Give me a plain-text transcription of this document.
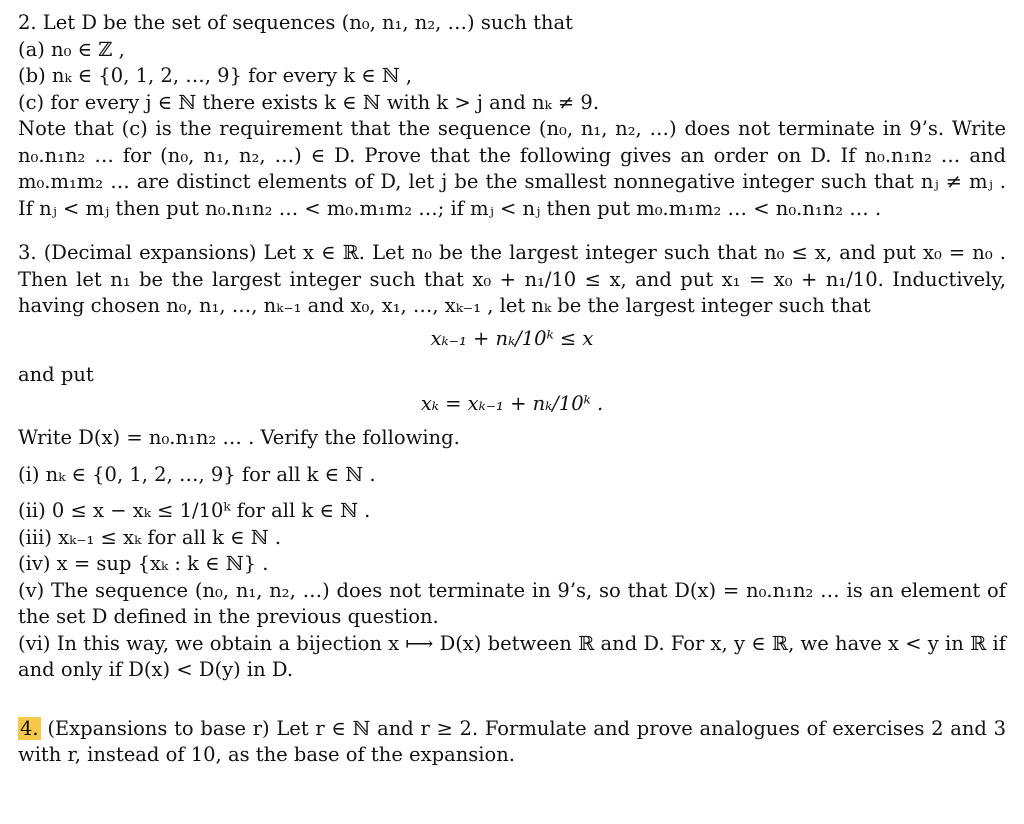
2. Let D be the set of sequences (n₀, n₁, n₂, …) such that
(a) n₀ ∈ ℤ ,
(b) nₖ ∈ {0, 1, 2, …, 9} for every k ∈ ℕ ,
(c) for every j ∈ ℕ there exists k ∈ ℕ with k > j and nₖ ≠ 9.
Note that (c) is the requirement that the sequence (n₀, n₁, n₂, …) does not terminate in 9’s. Write n₀.n₁n₂ … for (n₀, n₁, n₂, …) ∈ D. Prove that the following gives an order on D. If n₀.n₁n₂ … and m₀.m₁m₂ … are distinct elements of D, let j be the smallest nonnegative integer such that nⱼ ≠ mⱼ . If nⱼ < mⱼ then put n₀.n₁n₂ … < m₀.m₁m₂ …; if mⱼ < nⱼ then put m₀.m₁m₂ … < n₀.n₁n₂ … .
3. (Decimal expansions) Let x ∈ ℝ. Let n₀ be the largest integer such that n₀ ≤ x, and put x₀ = n₀ . Then let n₁ be the largest integer such that x₀ + n₁/10 ≤ x, and put x₁ = x₀ + n₁/10. Inductively, having chosen n₀, n₁, …, nₖ₋₁ and x₀, x₁, …, xₖ₋₁ , let nₖ be the largest integer such that
xₖ₋₁ + nₖ/10ᵏ ≤ x
and put
xₖ = xₖ₋₁ + nₖ/10ᵏ .
Write D(x) = n₀.n₁n₂ … . Verify the following.
(i) nₖ ∈ {0, 1, 2, …, 9} for all k ∈ ℕ .
(ii) 0 ≤ x − xₖ ≤ 1/10ᵏ for all k ∈ ℕ .
(iii) xₖ₋₁ ≤ xₖ for all k ∈ ℕ .
(iv) x = sup {xₖ : k ∈ ℕ} .
(v) The sequence (n₀, n₁, n₂, …) does not terminate in 9’s, so that D(x) = n₀.n₁n₂ … is an element of the set D defined in the previous question.
(vi) In this way, we obtain a bijection x ⟼ D(x) between ℝ and D. For x, y ∈ ℝ, we have x < y in ℝ if and only if D(x) < D(y) in D.
4. (Expansions to base r) Let r ∈ ℕ and r ≥ 2. Formulate and prove analogues of exercises 2 and 3 with r, instead of 10, as the base of the expansion.
